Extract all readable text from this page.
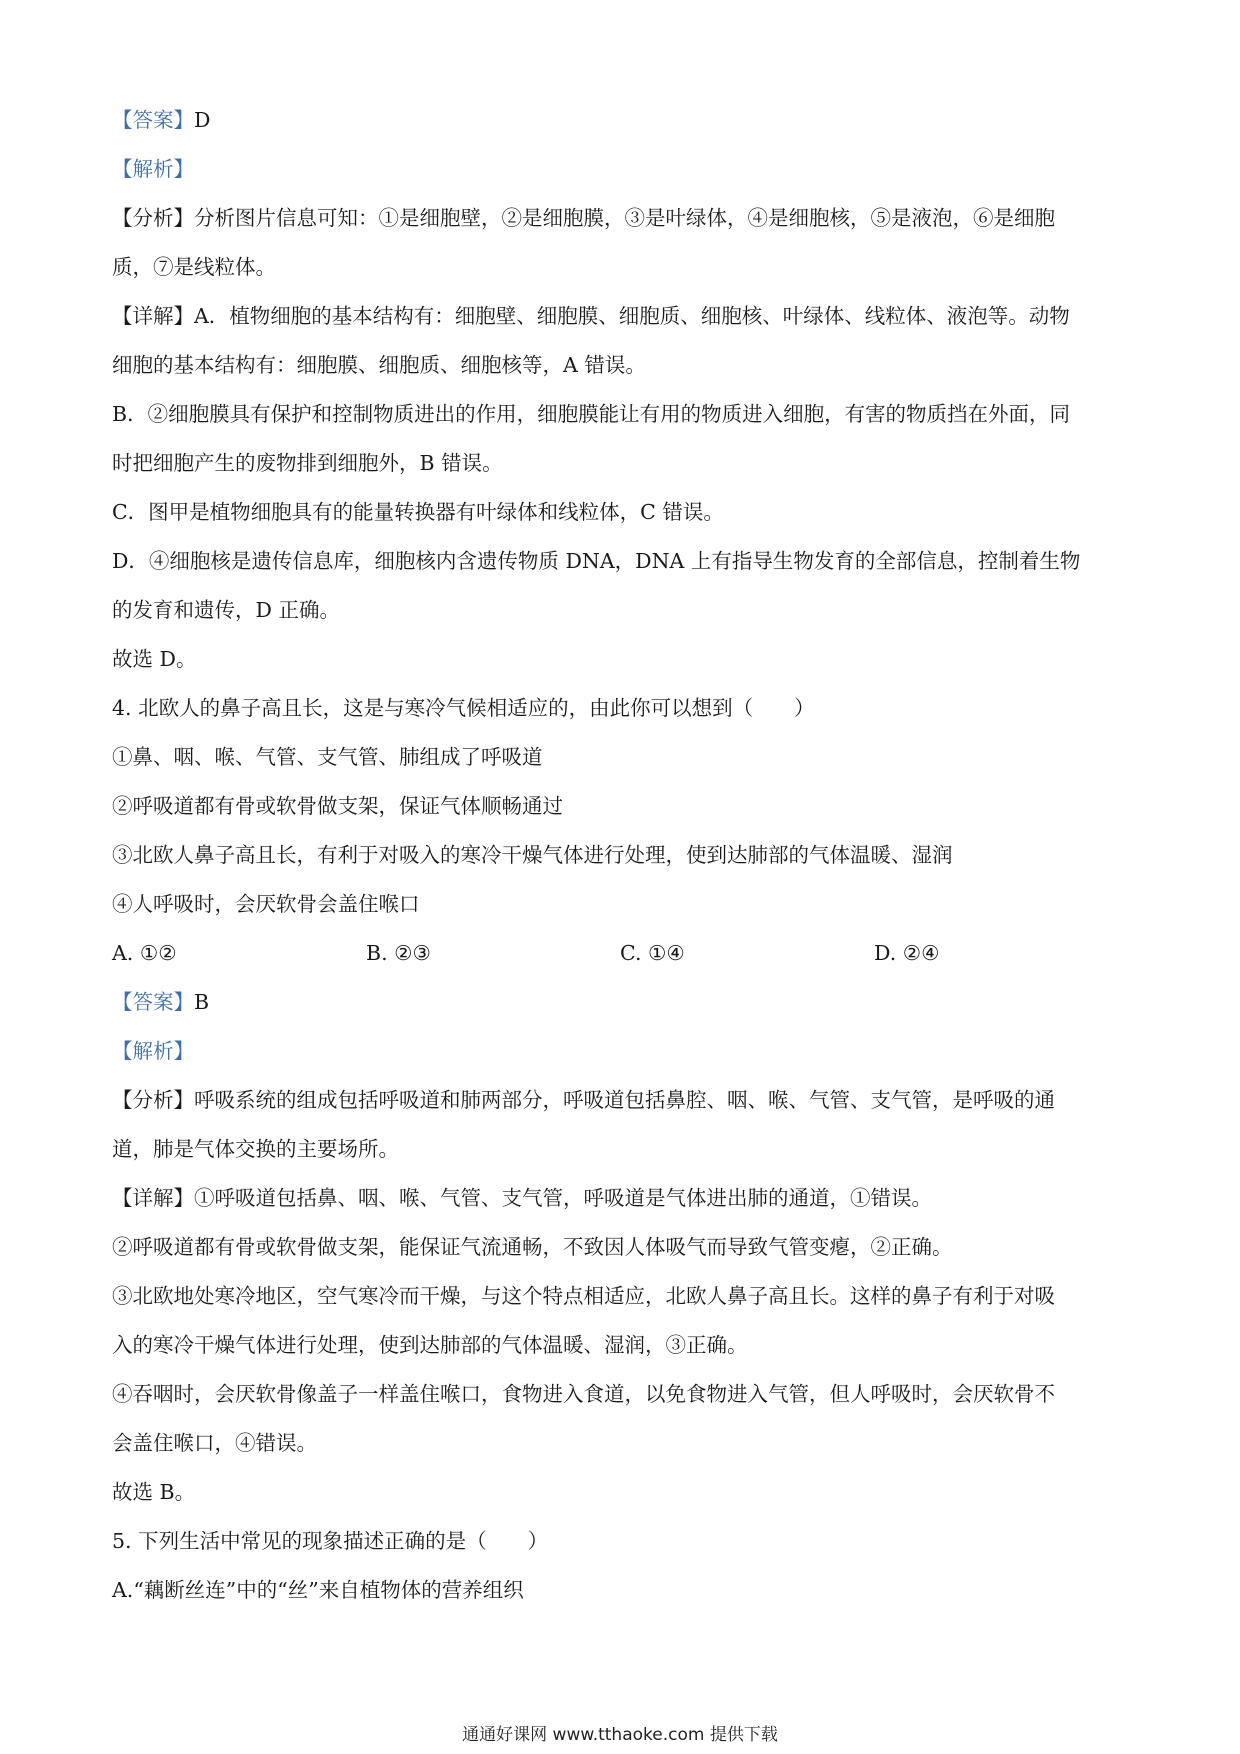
【答案】D
【解析】
【分析】分析图片信息可知：①是细胞壁，②是细胞膜，③是叶绿体，④是细胞核，⑤是液泡，⑥是细胞
质，⑦是线粒体。
【详解】A．植物细胞的基本结构有：细胞壁、细胞膜、细胞质、细胞核、叶绿体、线粒体、液泡等。动物
细胞的基本结构有：细胞膜、细胞质、细胞核等，A 错误。
B．②细胞膜具有保护和控制物质进出的作用，细胞膜能让有用的物质进入细胞，有害的物质挡在外面，同
时把细胞产生的废物排到细胞外，B 错误。
C．图甲是植物细胞具有的能量转换器有叶绿体和线粒体，C 错误。
D．④细胞核是遗传信息库，细胞核内含遗传物质 DNA，DNA 上有指导生物发育的全部信息，控制着生物
的发育和遗传，D 正确。
故选 D。
4. 北欧人的鼻子高且长，这是与寒冷气候相适应的，由此你可以想到（　　）
①鼻、咽、喉、气管、支气管、肺组成了呼吸道
②呼吸道都有骨或软骨做支架，保证气体顺畅通过
③北欧人鼻子高且长，有利于对吸入的寒冷干燥气体进行处理，使到达肺部的气体温暖、湿润
④人呼吸时，会厌软骨会盖住喉口
A. ①②	B. ②③	C. ①④	D. ②④
【答案】B
【解析】
【分析】呼吸系统的组成包括呼吸道和肺两部分，呼吸道包括鼻腔、咽、喉、气管、支气管，是呼吸的通
道，肺是气体交换的主要场所。
【详解】①呼吸道包括鼻、咽、喉、气管、支气管，呼吸道是气体进出肺的通道，①错误。
②呼吸道都有骨或软骨做支架，能保证气流通畅，不致因人体吸气而导致气管变瘪，②正确。
③北欧地处寒冷地区，空气寒冷而干燥，与这个特点相适应，北欧人鼻子高且长。这样的鼻子有利于对吸
入的寒冷干燥气体进行处理，使到达肺部的气体温暖、湿润，③正确。
④吞咽时，会厌软骨像盖子一样盖住喉口，食物进入食道，以免食物进入气管，但人呼吸时，会厌软骨不
会盖住喉口，④错误。
故选 B。
5. 下列生活中常见的现象描述正确的是（　　）
A.“藕断丝连”中的“丝”来自植物体的营养组织
通通好课网 www.tthaoke.com 提供下载
